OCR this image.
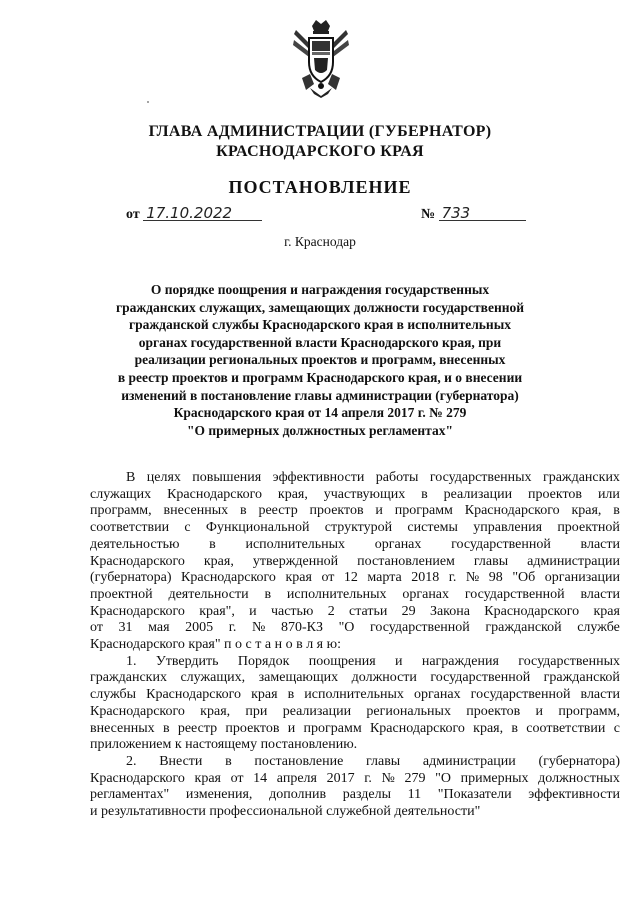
ГЛАВА АДМИНИСТРАЦИИ (ГУБЕРНАТОР)
КРАСНОДАРСКОГО КРАЯ
ПОСТАНОВЛЕНИЕ
от 17.10.2022	№ 733
г. Краснодар
О порядке поощрения и награждения государственных
гражданских служащих, замещающих должности государственной
гражданской службы Краснодарского края в исполнительных
органах государственной власти Краснодарского края, при
реализации региональных проектов и программ, внесенных
в реестр проектов и программ Краснодарского края, и о внесении
изменений в постановление главы администрации (губернатора)
Краснодарского края от 14 апреля 2017 г. № 279
"О примерных должностных регламентах"

В целях повышения эффективности работы государственных гражданских

служащих Краснодарского края, участвующих в реализации проектов или

программ, внесенных в реестр проектов и программ Краснодарского края, в

соответствии с Функциональной структурой системы управления проектной

деятельностью в исполнительных органах государственной власти

Краснодарского края, утвержденной постановлением главы администрации

(губернатора) Краснодарского края от 12 марта 2018 г. № 98 "Об организации

проектной деятельности в исполнительных органах государственной власти

Краснодарского края", и частью 2 статьи 29 Закона Краснодарского края

от 31 мая 2005 г. № 870-КЗ "О государственной гражданской службе

Краснодарского края" п о с т а н о в л я ю:

1. Утвердить Порядок поощрения и награждения государственных

гражданских служащих, замещающих должности государственной гражданской

службы Краснодарского края в исполнительных органах государственной власти

Краснодарского края, при реализации региональных проектов и программ,

внесенных в реестр проектов и программ Краснодарского края, в соответствии с

приложением к настоящему постановлению.

2. Внести в постановление главы администрации (губернатора)

Краснодарского края от 14 апреля 2017 г. № 279 "О примерных должностных

регламентах" изменения, дополнив разделы 11 "Показатели эффективности

и результативности профессиональной служебной деятельности"
